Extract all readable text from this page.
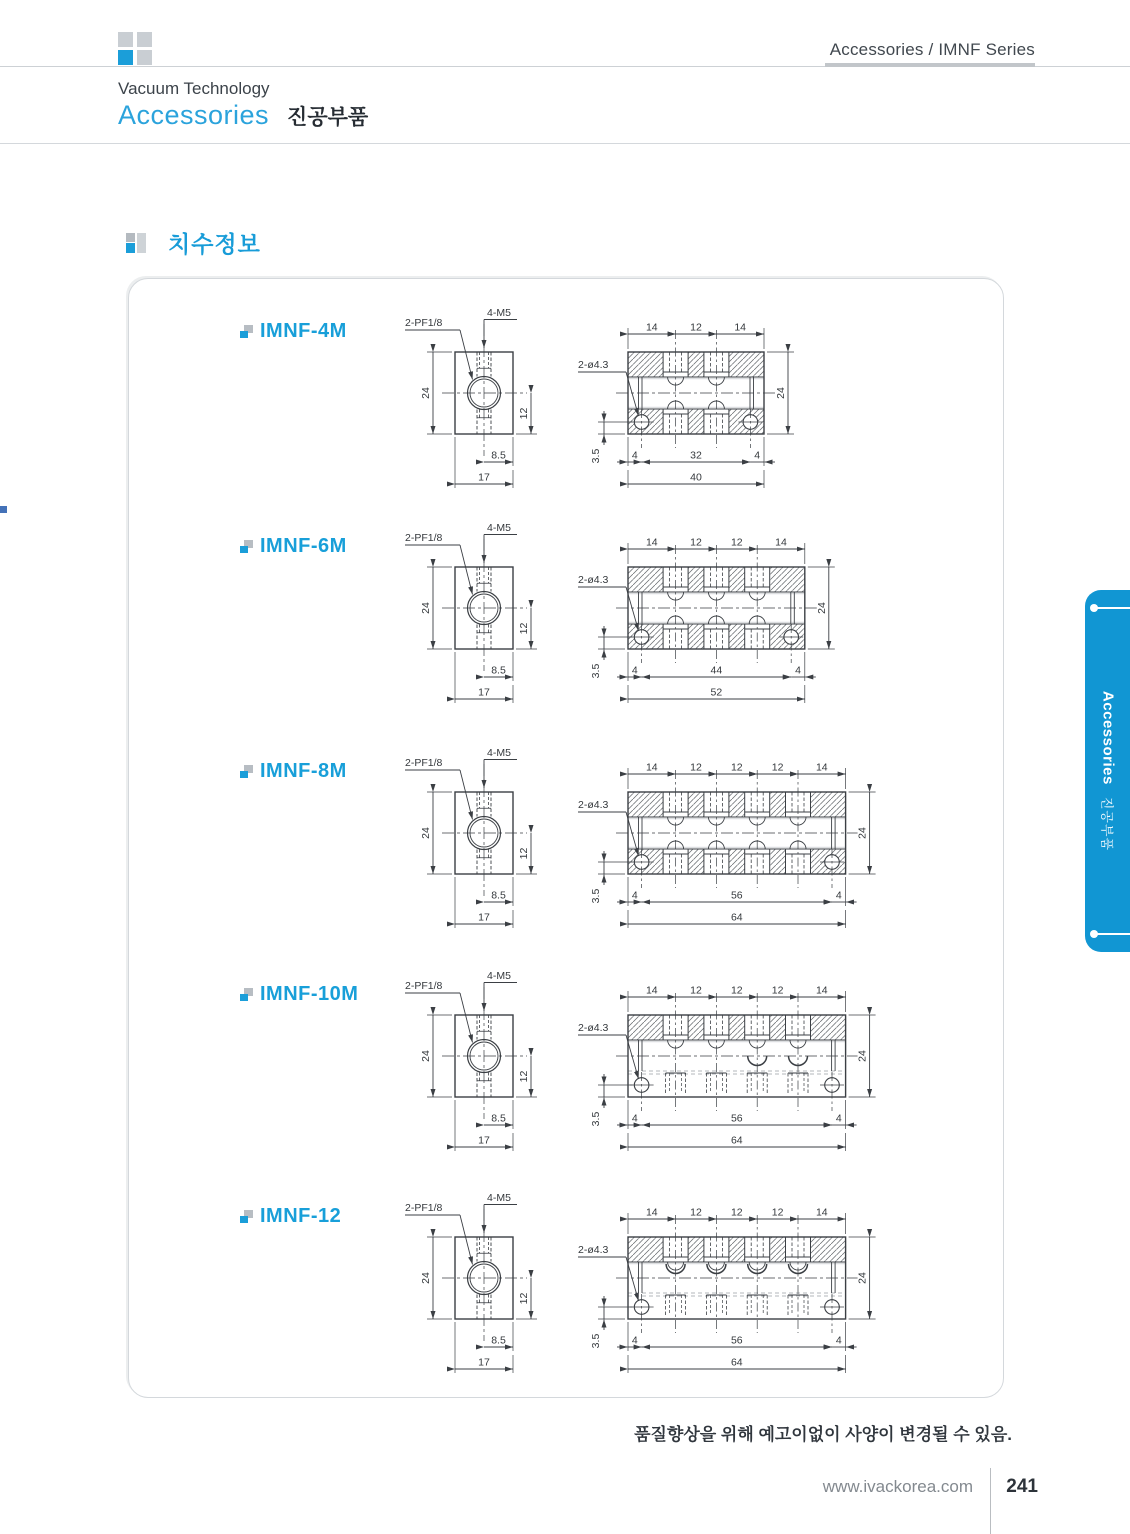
Accessories / IMNF Series
Vacuum Technology
Accessories 진공부품
치수정보
IMNF-4M
IMNF-6M
IMNF-8M
IMNF-10M
IMNF-12
24
12
8.5
17
2-PF1/8
4-M5
14	12	14
24
3.5	4	32	4
40
2-ø4.3
24
12
8.5
17
2-PF1/8
4-M5
14	12	12	14
24
3.5	4	44	4
52
2-ø4.3
24
12
8.5
17
2-PF1/8
4-M5
14	12	12	12	14
24
3.5	4	56	4
64
2-ø4.3
24
12
8.5
17
2-PF1/8
4-M5
14	12	12	12	14
24
3.5	4	56	4
64
2-ø4.3
24
12
8.5
17
2-PF1/8
4-M5
14	12	12	12	14
24
3.5	4	56	4
64
2-ø4.3
Accessories
진공부품
품질향상을 위해 예고이없이 사양이 변경될 수 있음.
www.ivackorea.com 241
